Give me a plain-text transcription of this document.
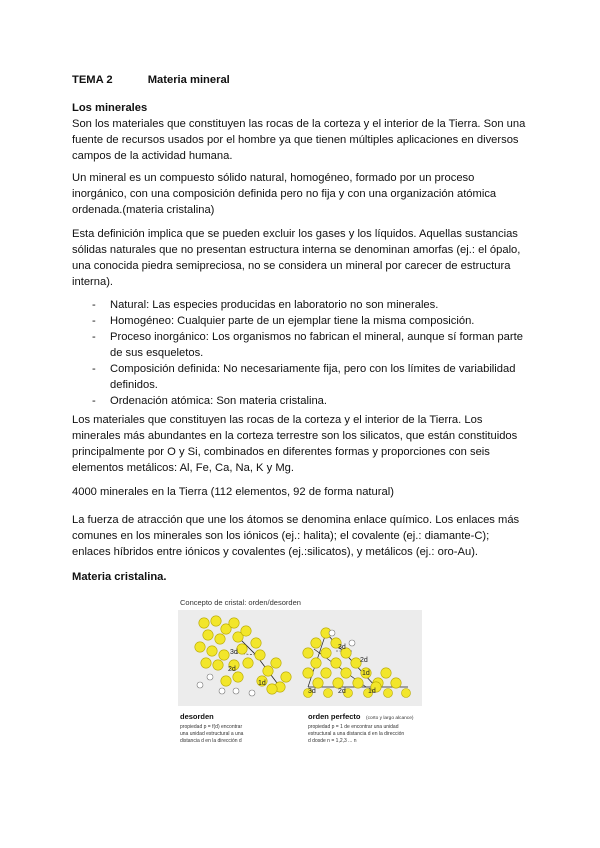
TEMA 2	Materia mineral
Los minerales

Son los materiales que constituyen las rocas de la corteza y el interior de la Tierra. Son una fuente de recursos usados por el hombre ya que tienen múltiples aplicaciones en diversos campos de la actividad humana.

Un mineral es un compuesto sólido natural, homogéneo, formado por un proceso inorgánico, con una composición definida pero no fija y con una organización atómica ordenada.(materia cristalina)

Esta definición implica que se pueden excluir los gases y los líquidos. Aquellas sustancias sólidas naturales que no presentan estructura interna se denominan amorfas (ej.: el ópalo, una conocida piedra semipreciosa, no se considera un mineral por carecer de estructura interna).

- Natural: Las especies producidas en laboratorio no son minerales.
- Homogéneo: Cualquier parte de un ejemplar tiene la misma composición.
- Proceso inorgánico: Los organismos no fabrican el mineral, aunque sí forman parte de sus esqueletos.
- Composición definida: No necesariamente fija, pero con los límites de variabilidad definidos.
- Ordenación atómica: Son materia cristalina.

Los materiales que constituyen las rocas de la corteza y el interior de la Tierra. Los minerales más abundantes en la corteza terrestre son los silicatos, que están constituidos principalmente por O y Si, combinados en diferentes formas y proporciones con seis elementos metálicos: Al, Fe, Ca, Na, K y Mg.

4000 minerales en la Tierra (112 elementos, 92 de forma natural)

La fuerza de atracción que une los átomos se denomina enlace químico. Los enlaces más comunes en los minerales son los iónicos (ej.: halita); el covalente (ej.: diamante-C); enlaces híbridos entre iónicos y covalentes (ej.:silicatos), y metálicos (ej.: oro-Au).

Materia cristalina.
Concepto de cristal: orden/desorden
3d
2d
1d
3d
2d
1d
3d	2d	1d
desorden
propiedad p = f(d) encontrar
una unidad estructural a una
distancia d en la dirección d
orden perfecto (corto y largo alcance)
propiedad p = 1 de encontrar una unidad
estructural a una distancia d en la dirección
d dosde n = 1,2,3 ... n
